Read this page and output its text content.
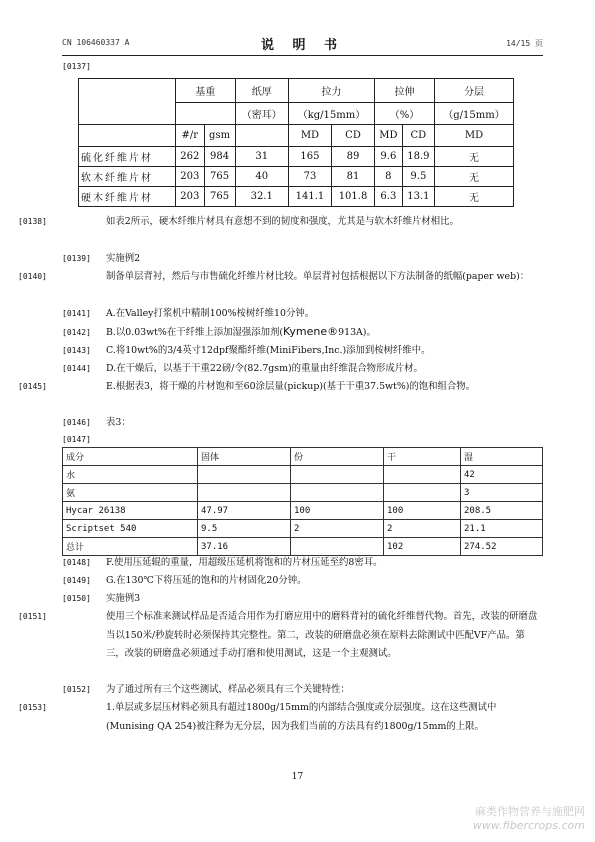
CN 106460337 A	说 明 书	14/15 页
[0137]
	基重		纸厚	拉力		拉伸		分层
			（密耳）	（kg/15mm）		（%）		（g/15mm）
	#/r	gsm		MD	CD	MD	CD	MD
硫化纤维片材	262	984	31	165	89	9.6	18.9	无
软木纤维片材	203	765	40	73	81	8	9.5	无
硬木纤维片材	203	765	32.1	141.1	101.8	6.3	13.1	无
[0138]	如表2所示，硬木纤维片材具有意想不到的韧度和强度，尤其是与软木纤维片材相比。
[0139] 实施例2
[0140]	制备单层背衬，然后与市售硫化纤维片材比较。单层背衬包括根据以下方法制备的纸幅(paper web)：
[0141] A.在Valley打浆机中精制100%桉树纤维10分钟。
[0142] B.以0.03wt%在干纤维上添加湿强添加剂(Kymene®913A)。
[0143] C.将10wt%的3/4英寸12dpf聚酯纤维(MiniFibers,Inc.)添加到桉树纤维中。
[0144] D.在干燥后，以基于干重22磅/令(82.7gsm)的重量由纤维混合物形成片材。
[0145]	E.根据表3，将干燥的片材饱和至60涂层量(pickup)(基于干重37.5wt%)的饱和组合物。
[0146] 表3：
[0147]
成分	固体	份	干	湿
水				42
氨				3
Hycar 26138	47.97	100	100	208.5
Scriptset 540	9.5	2	2	21.1
总计	37.16		102	274.52
[0148] F.使用压延辊的重量，用超级压延机将饱和的片材压延至约8密耳。
[0149] G.在130℃下将压延的饱和的片材固化20分钟。
[0150] 实施例3
[0151]	使用三个标准来测试样品是否适合用作为打磨应用中的磨料背衬的硫化纤维替代物。首先，改装的研磨盘当以150米/秒旋转时必须保持其完整性。第二，改装的研磨盘必须在原料去除测试中匹配VF产品。第三，改装的研磨盘必须通过手动打磨和使用测试，这是一个主观测试。
[0152] 为了通过所有三个这些测试，样品必须具有三个关键特性：
[0153]	1.单层或多层压材料必须具有超过1800g/15mm的内部结合强度或分层强度。这在这些测试中(Munising QA 254)被注释为无分层，因为我们当前的方法具有约1800g/15mm的上限。
17
麻类作物营养与施肥网
www.fibercrops.com
